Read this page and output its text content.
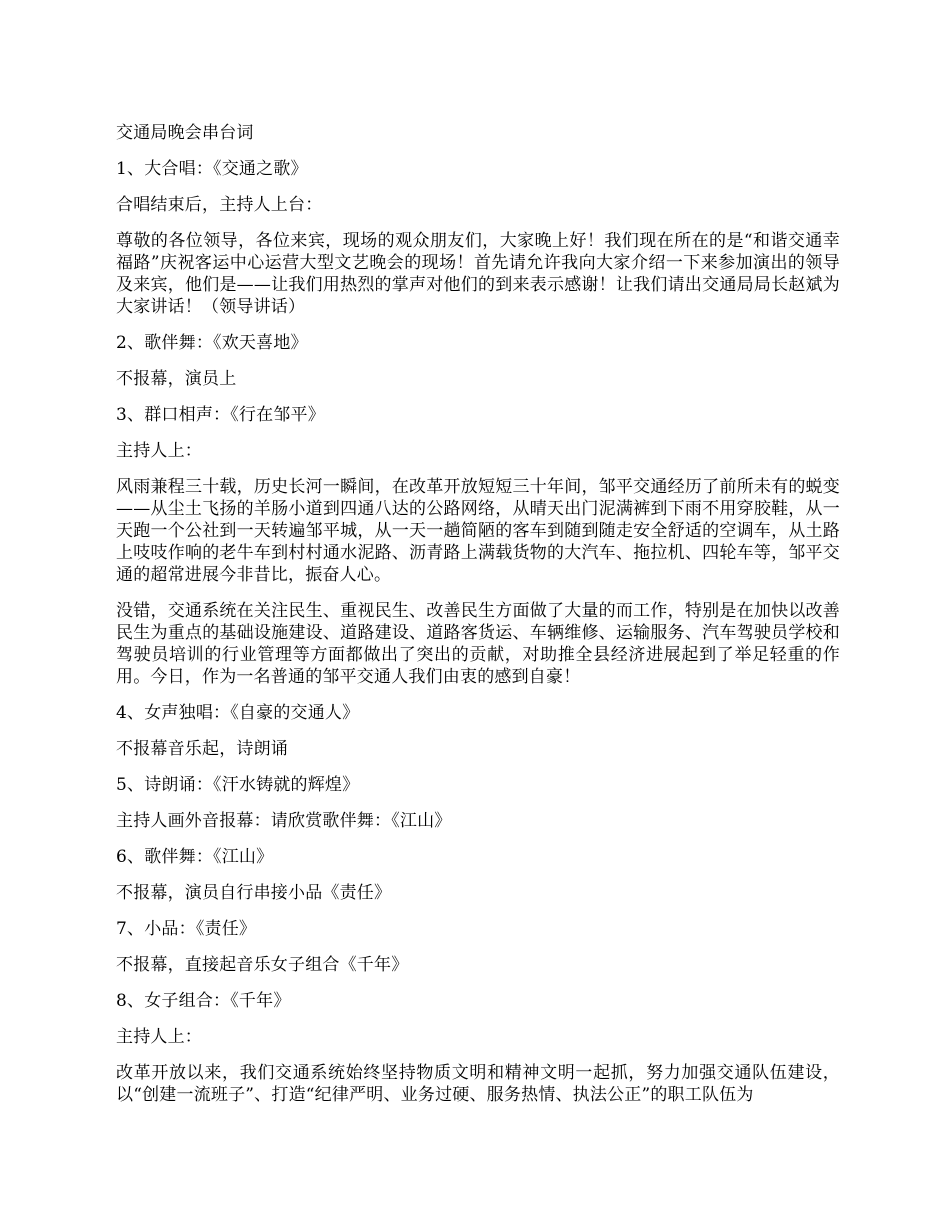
交通局晚会串台词

1、大合唱：《交通之歌》

合唱结束后，主持人上台：

尊敬的各位领导，各位来宾，现场的观众朋友们，大家晚上好！我们现在所在的是“和谐交通幸福路”庆祝客运中心运营大型文艺晚会的现场！首先请允许我向大家介绍一下来参加演出的领导及来宾，他们是——让我们用热烈的掌声对他们的到来表示感谢！让我们请出交通局局长赵斌为大家讲话！（领导讲话）

2、歌伴舞：《欢天喜地》

不报幕，演员上

3、群口相声：《行在邹平》

主持人上：

风雨兼程三十载，历史长河一瞬间，在改革开放短短三十年间，邹平交通经历了前所未有的蜕变——从尘土飞扬的羊肠小道到四通八达的公路网络，从晴天出门泥满裤到下雨不用穿胶鞋，从一天跑一个公社到一天转遍邹平城，从一天一趟简陋的客车到随到随走安全舒适的空调车，从土路上吱吱作响的老牛车到村村通水泥路、沥青路上满载货物的大汽车、拖拉机、四轮车等，邹平交通的超常进展今非昔比，振奋人心。

没错，交通系统在关注民生、重视民生、改善民生方面做了大量的而工作，特别是在加快以改善民生为重点的基础设施建设、道路建设、道路客货运、车辆维修、运输服务、汽车驾驶员学校和驾驶员培训的行业管理等方面都做出了突出的贡献，对助推全县经济进展起到了举足轻重的作用。今日，作为一名普通的邹平交通人我们由衷的感到自豪！

4、女声独唱：《自豪的交通人》

不报幕音乐起，诗朗诵

5、诗朗诵：《汗水铸就的辉煌》

主持人画外音报幕：请欣赏歌伴舞：《江山》

6、歌伴舞：《江山》

不报幕，演员自行串接小品《责任》

7、小品：《责任》

不报幕，直接起音乐女子组合《千年》

8、女子组合：《千年》

主持人上：

改革开放以来，我们交通系统始终坚持物质文明和精神文明一起抓，努力加强交通队伍建设，以“创建一流班子”、打造“纪律严明、业务过硬、服务热情、执法公正”的职工队伍为
